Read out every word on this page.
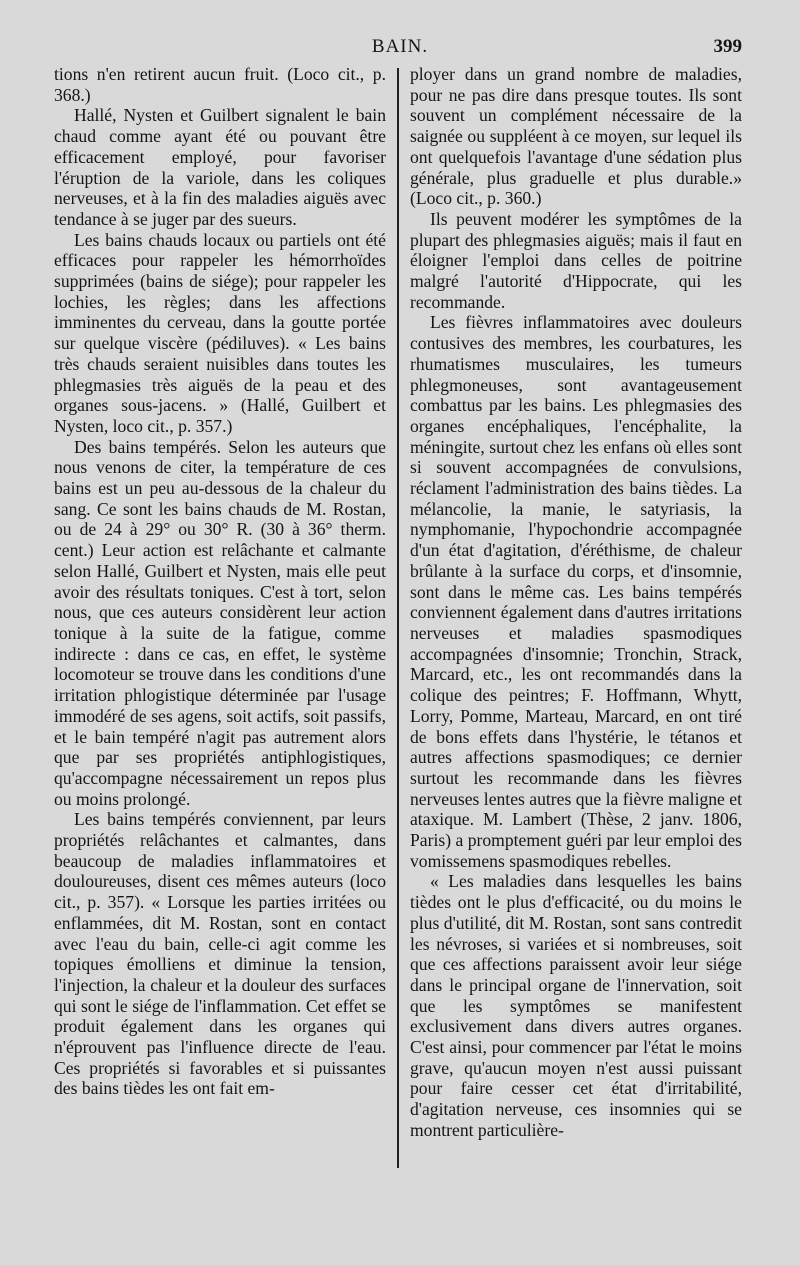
BAIN.	399

tions n'en retirent aucun fruit. (Loco cit., p. 368.)

Hallé, Nysten et Guilbert signalent le bain chaud comme ayant été ou pouvant être efficacement employé, pour favoriser l'éruption de la variole, dans les coliques nerveuses, et à la fin des maladies aiguës avec tendance à se juger par des sueurs.

Les bains chauds locaux ou partiels ont été efficaces pour rappeler les hémorrhoïdes supprimées (bains de siége); pour rappeler les lochies, les règles; dans les affections imminentes du cerveau, dans la goutte portée sur quelque viscère (pédiluves). « Les bains très chauds seraient nuisibles dans toutes les phlegmasies très aiguës de la peau et des organes sous-jacens. » (Hallé, Guilbert et Nysten, loco cit., p. 357.)

Des bains tempérés. Selon les auteurs que nous venons de citer, la température de ces bains est un peu au-dessous de la chaleur du sang. Ce sont les bains chauds de M. Rostan, ou de 24 à 29° ou 30° R. (30 à 36° therm. cent.) Leur action est relâchante et calmante selon Hallé, Guilbert et Nysten, mais elle peut avoir des résultats toniques. C'est à tort, selon nous, que ces auteurs considèrent leur action tonique à la suite de la fatigue, comme indirecte : dans ce cas, en effet, le système locomoteur se trouve dans les conditions d'une irritation phlogistique déterminée par l'usage immodéré de ses agens, soit actifs, soit passifs, et le bain tempéré n'agit pas autrement alors que par ses propriétés antiphlogistiques, qu'accompagne nécessairement un repos plus ou moins prolongé.

Les bains tempérés conviennent, par leurs propriétés relâchantes et calmantes, dans beaucoup de maladies inflammatoires et douloureuses, disent ces mêmes auteurs (loco cit., p. 357). « Lorsque les parties irritées ou enflammées, dit M. Rostan, sont en contact avec l'eau du bain, celle-ci agit comme les topiques émolliens et diminue la tension, l'injection, la chaleur et la douleur des surfaces qui sont le siége de l'inflammation. Cet effet se produit également dans les organes qui n'éprouvent pas l'influence directe de l'eau. Ces propriétés si favorables et si puissantes des bains tièdes les ont fait em-

ployer dans un grand nombre de maladies, pour ne pas dire dans presque toutes. Ils sont souvent un complément nécessaire de la saignée ou suppléent à ce moyen, sur lequel ils ont quelquefois l'avantage d'une sédation plus générale, plus graduelle et plus durable.» (Loco cit., p. 360.)

Ils peuvent modérer les symptômes de la plupart des phlegmasies aiguës; mais il faut en éloigner l'emploi dans celles de poitrine malgré l'autorité d'Hippocrate, qui les recommande.

Les fièvres inflammatoires avec douleurs contusives des membres, les courbatures, les rhumatismes musculaires, les tumeurs phlegmoneuses, sont avantageusement combattus par les bains. Les phlegmasies des organes encéphaliques, l'encéphalite, la méningite, surtout chez les enfans où elles sont si souvent accompagnées de convulsions, réclament l'administration des bains tièdes. La mélancolie, la manie, le satyriasis, la nymphomanie, l'hypochondrie accompagnée d'un état d'agitation, d'éréthisme, de chaleur brûlante à la surface du corps, et d'insomnie, sont dans le même cas. Les bains tempérés conviennent également dans d'autres irritations nerveuses et maladies spasmodiques accompagnées d'insomnie; Tronchin, Strack, Marcard, etc., les ont recommandés dans la colique des peintres; F. Hoffmann, Whytt, Lorry, Pomme, Marteau, Marcard, en ont tiré de bons effets dans l'hystérie, le tétanos et autres affections spasmodiques; ce dernier surtout les recommande dans les fièvres nerveuses lentes autres que la fièvre maligne et ataxique. M. Lambert (Thèse, 2 janv. 1806, Paris) a promptement guéri par leur emploi des vomissemens spasmodiques rebelles.

« Les maladies dans lesquelles les bains tièdes ont le plus d'efficacité, ou du moins le plus d'utilité, dit M. Rostan, sont sans contredit les névroses, si variées et si nombreuses, soit que ces affections paraissent avoir leur siége dans le principal organe de l'innervation, soit que les symptômes se manifestent exclusivement dans divers autres organes. C'est ainsi, pour commencer par l'état le moins grave, qu'aucun moyen n'est aussi puissant pour faire cesser cet état d'irritabilité, d'agitation nerveuse, ces insomnies qui se montrent particulière-
